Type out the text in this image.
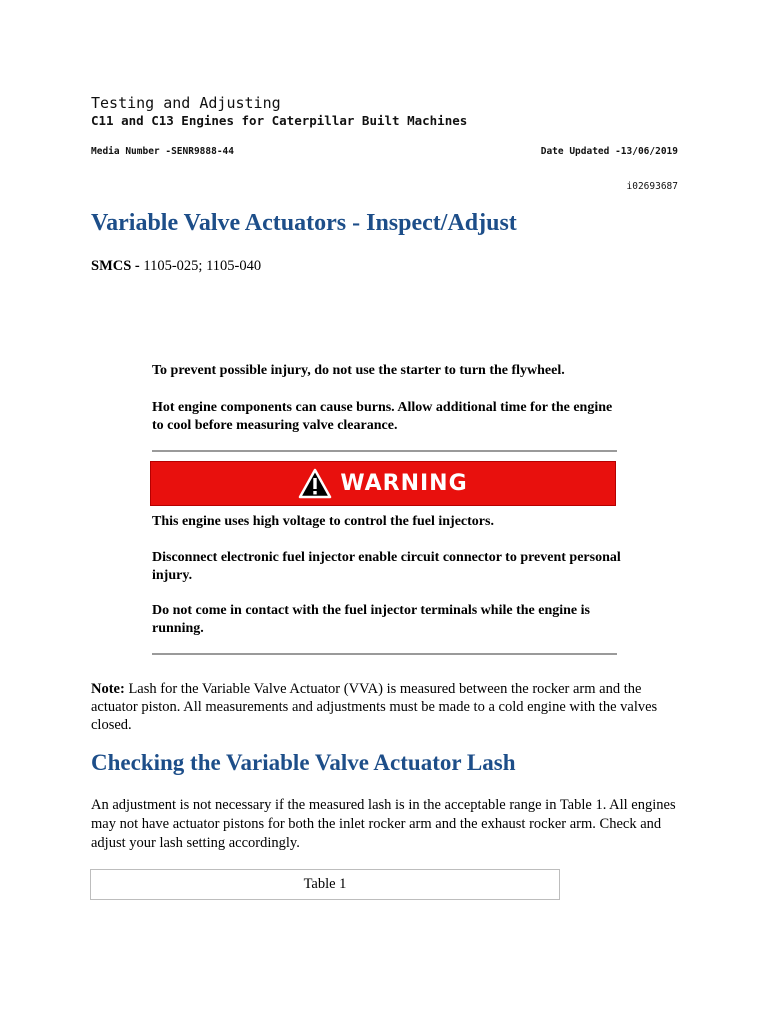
Testing and Adjusting
C11 and C13 Engines for Caterpillar Built Machines
Media Number -SENR9888-44	Date Updated -13/06/2019
i02693687
Variable Valve Actuators - Inspect/Adjust
SMCS - 1105-025; 1105-040
To prevent possible injury, do not use the starter to turn the flywheel.
Hot engine components can cause burns. Allow additional time for the engine to cool before measuring valve clearance.
WARNING
This engine uses high voltage to control the fuel injectors.
Disconnect electronic fuel injector enable circuit connector to prevent personal injury.
Do not come in contact with the fuel injector terminals while the engine is running.
Note: Lash for the Variable Valve Actuator (VVA) is measured between the rocker arm and the actuator piston. All measurements and adjustments must be made to a cold engine with the valves closed.
Checking the Variable Valve Actuator Lash
An adjustment is not necessary if the measured lash is in the acceptable range in Table 1. All engines may not have actuator pistons for both the inlet rocker arm and the exhaust rocker arm. Check and adjust your lash setting accordingly.
Table 1
